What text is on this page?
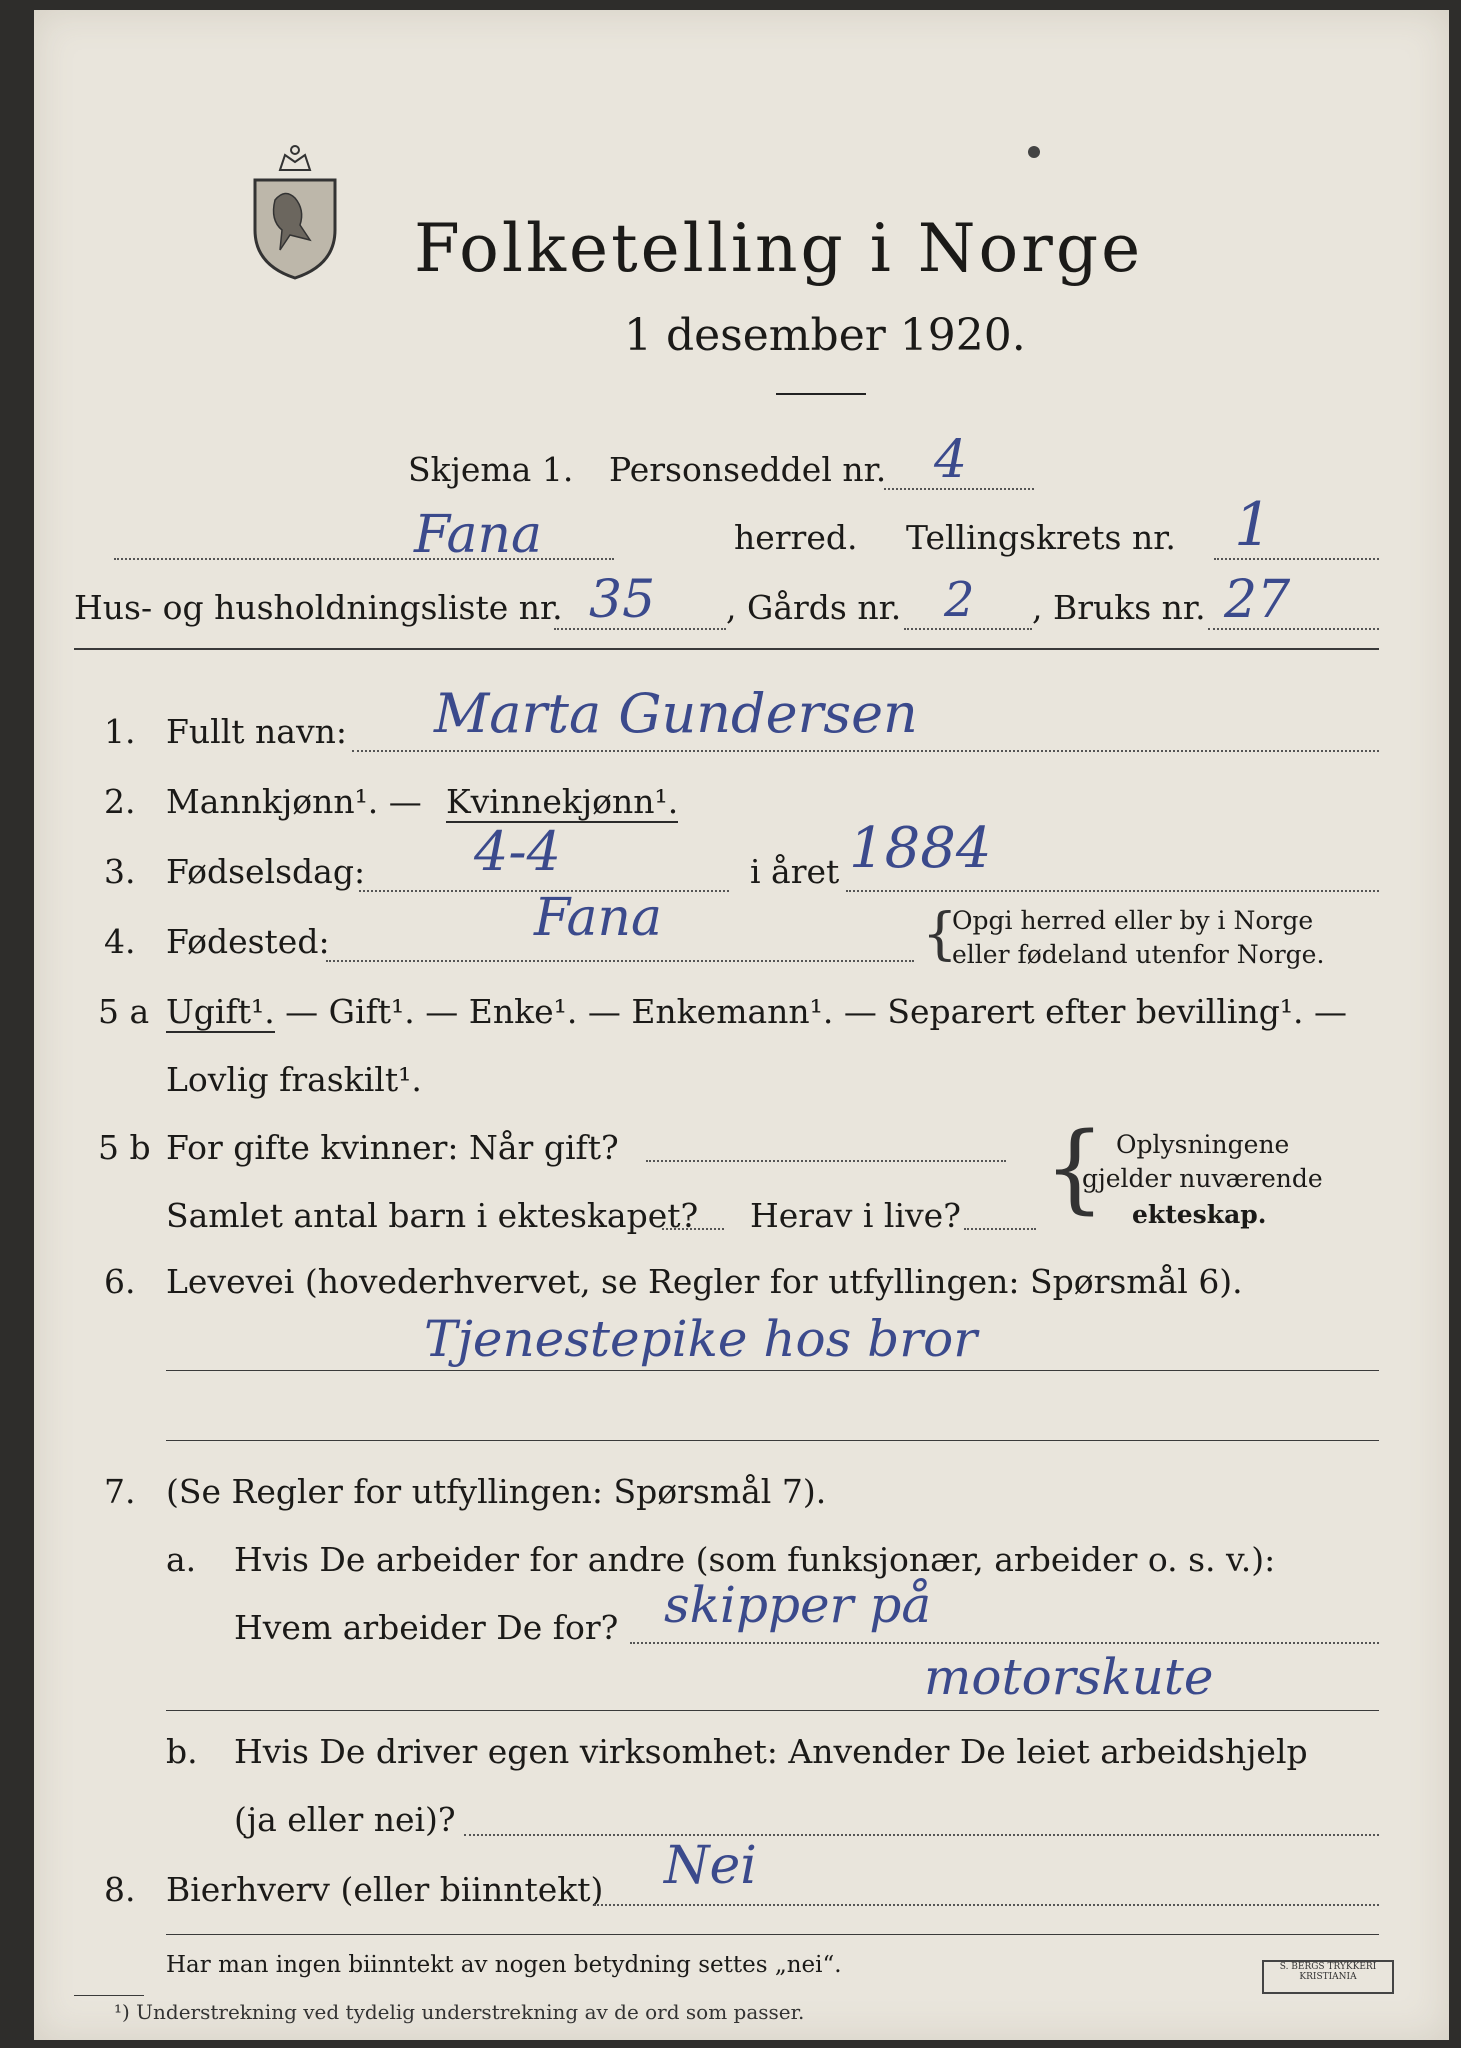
Folketelling i Norge
1 desember 1920.
Skjema 1. Personseddel nr. 4
Fana	herred. Tellingskrets nr. 1
Hus- og husholdningsliste nr. 35 , Gårds nr. 2 , Bruks nr. 27
1. Fullt navn: Marta Gundersen
2. Mannkjønn¹. — Kvinnekjønn¹.
3. Fødselsdag: 4-4	i året 1884
4. Fødested:	Fana	{
Opgi herred eller by i Norge
eller fødeland utenfor Norge.
5 a Ugift¹. — Gift¹. — Enke¹. — Enkemann¹. — Separert efter bevilling¹. —
Lovlig fraskilt¹.
5 b For gifte kvinner: Når gift?
Samlet antal barn i ekteskapet? Herav i live? { Oplysningene
gjelder nuværende
ekteskap.
6. Levevei (hovederhvervet, se Regler for utfyllingen: Spørsmål 6).
Tjenestepike hos bror
7. (Se Regler for utfyllingen: Spørsmål 7).
a. Hvis De arbeider for andre (som funksjonær, arbeider o. s. v.):
Hvem arbeider De for? skipper på
motorskute
b. Hvis De driver egen virksomhet: Anvender De leiet arbeidshjelp
(ja eller nei)?
8. Bierhverv (eller biinntekt) Nei
Har man ingen biinntekt av nogen betydning settes „nei“.
¹) Understrekning ved tydelig understrekning av de ord som passer.
S. BERGS TRYKKERI KRISTIANIA
